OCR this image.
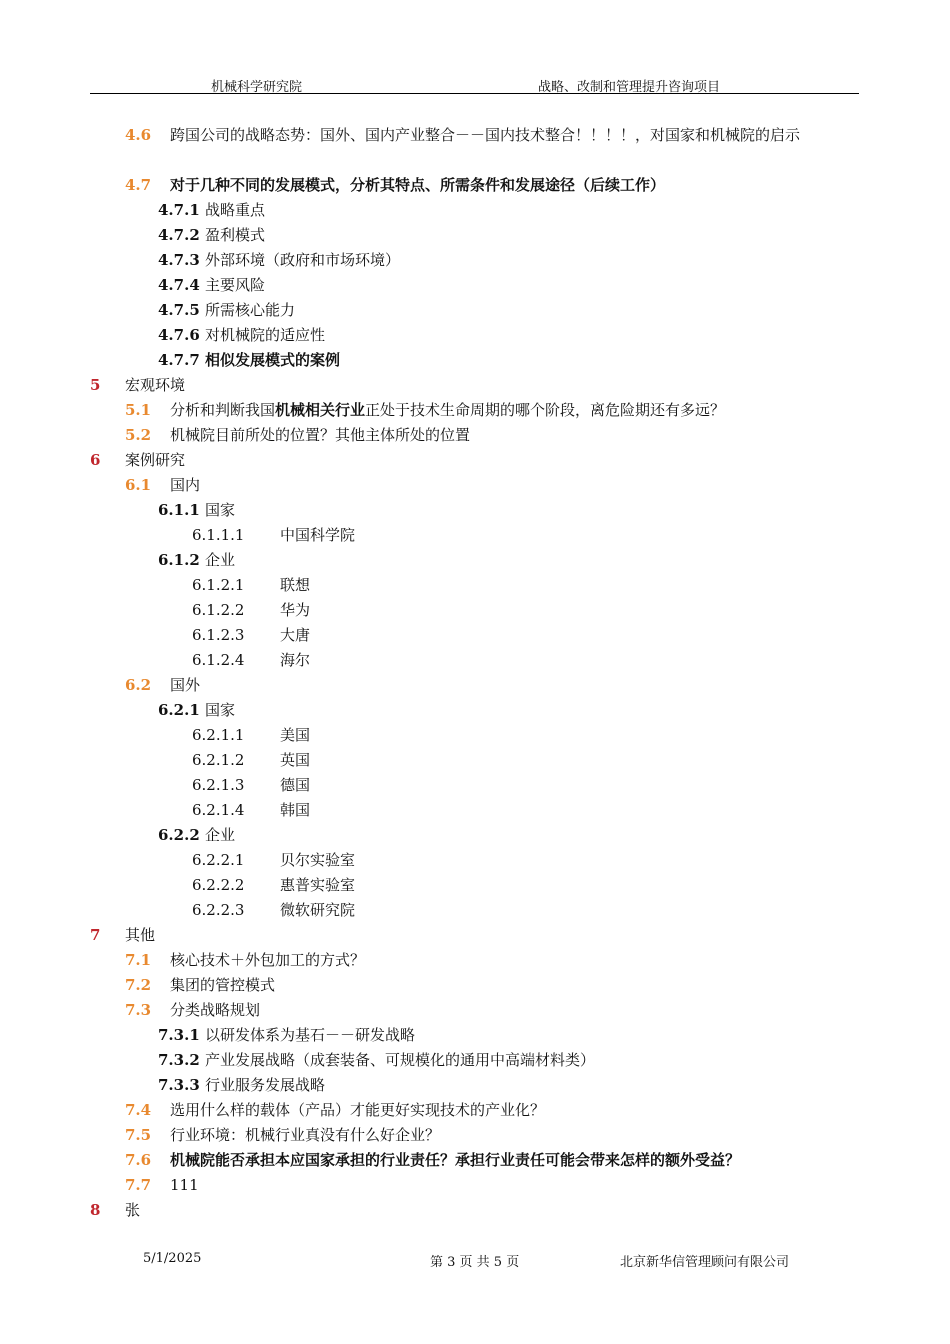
机械科学研究院	战略、改制和管理提升咨询项目
4.6 跨国公司的战略态势：国外、国内产业整合－－国内技术整合！！！！，对国家和机械院的启示
4.7 对于几种不同的发展模式，分析其特点、所需条件和发展途径（后续工作）
4.7.1 战略重点
4.7.2 盈利模式
4.7.3 外部环境（政府和市场环境）
4.7.4 主要风险
4.7.5 所需核心能力
4.7.6 对机械院的适应性
4.7.7 相似发展模式的案例
5 宏观环境
5.1 分析和判断我国机械相关行业正处于技术生命周期的哪个阶段，离危险期还有多远？
5.2 机械院目前所处的位置？其他主体所处的位置
6 案例研究
6.1 国内
6.1.1 国家
6.1.1.1 中国科学院
6.1.2 企业
6.1.2.1 联想
6.1.2.2 华为
6.1.2.3 大唐
6.1.2.4 海尔
6.2 国外
6.2.1 国家
6.2.1.1 美国
6.2.1.2 英国
6.2.1.3 德国
6.2.1.4 韩国
6.2.2 企业
6.2.2.1 贝尔实验室
6.2.2.2 惠普实验室
6.2.2.3 微软研究院
7 其他
7.1 核心技术＋外包加工的方式？
7.2 集团的管控模式
7.3 分类战略规划
7.3.1 以研发体系为基石－－研发战略
7.3.2 产业发展战略（成套装备、可规模化的通用中高端材料类）
7.3.3 行业服务发展战略
7.4 选用什么样的载体（产品）才能更好实现技术的产业化？
7.5 行业环境：机械行业真没有什么好企业？
7.6 机械院能否承担本应国家承担的行业责任？承担行业责任可能会带来怎样的额外受益？
7.7 111
8 张
5/1/2025	第 3 页 共 5 页	北京新华信管理顾问有限公司
